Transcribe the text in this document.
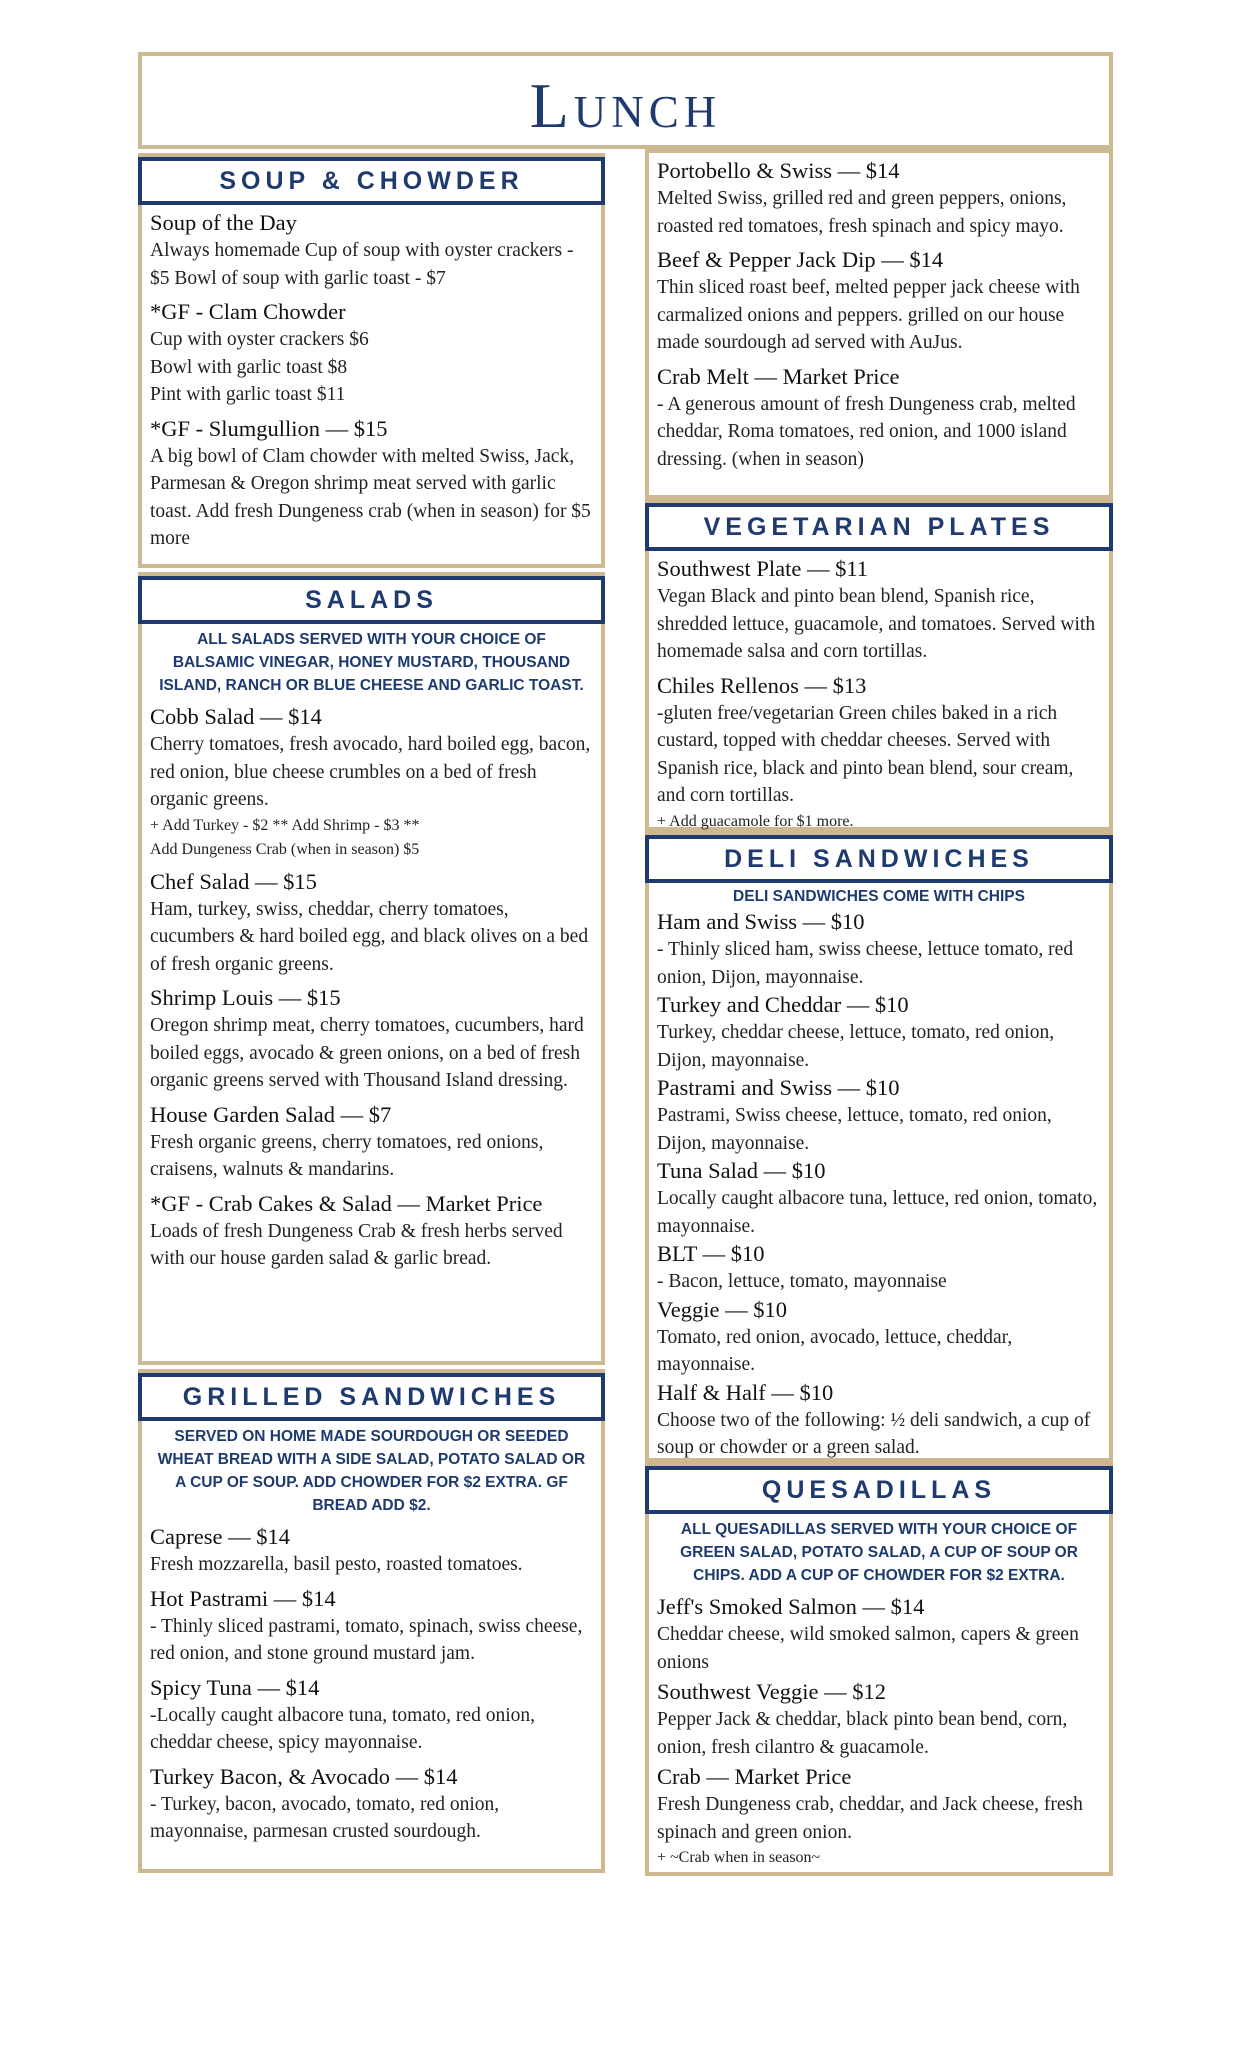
Lunch
SOUP & CHOWDER
Soup of the Day
Always homemade Cup of soup with oyster crackers - $5 Bowl of soup with garlic toast - $7
*GF - Clam Chowder
Cup with oyster crackers $6
Bowl with garlic toast $8
Pint with garlic toast $11
*GF - Slumgullion — $15
A big bowl of Clam chowder with melted Swiss, Jack, Parmesan & Oregon shrimp meat served with garlic toast. Add fresh Dungeness crab (when in season) for $5 more
SALADS
ALL SALADS SERVED WITH YOUR CHOICE OF BALSAMIC VINEGAR, HONEY MUSTARD, THOUSAND ISLAND, RANCH OR BLUE CHEESE AND GARLIC TOAST.
Cobb Salad — $14
Cherry tomatoes, fresh avocado, hard boiled egg, bacon, red onion, blue cheese crumbles on a bed of fresh organic greens.
+ Add Turkey - $2 ** Add Shrimp - $3 **
Add Dungeness Crab (when in season) $5
Chef Salad — $15
Ham, turkey, swiss, cheddar, cherry tomatoes, cucumbers & hard boiled egg, and black olives on a bed of fresh organic greens.
Shrimp Louis — $15
Oregon shrimp meat, cherry tomatoes, cucumbers, hard boiled eggs, avocado & green onions, on a bed of fresh organic greens served with Thousand Island dressing.
House Garden Salad — $7
Fresh organic greens, cherry tomatoes, red onions, craisens, walnuts & mandarins.
*GF - Crab Cakes & Salad — Market Price
Loads of fresh Dungeness Crab & fresh herbs served with our house garden salad & garlic bread.
GRILLED SANDWICHES
SERVED ON HOME MADE SOURDOUGH OR SEEDED WHEAT BREAD WITH A SIDE SALAD, POTATO SALAD OR A CUP OF SOUP. ADD CHOWDER FOR $2 EXTRA. GF BREAD ADD $2.
Caprese — $14
Fresh mozzarella, basil pesto, roasted tomatoes.
Hot Pastrami — $14
- Thinly sliced pastrami, tomato, spinach, swiss cheese, red onion, and stone ground mustard jam.
Spicy Tuna — $14
-Locally caught albacore tuna, tomato, red onion, cheddar cheese, spicy mayonnaise.
Turkey Bacon, & Avocado — $14
- Turkey, bacon, avocado, tomato, red onion, mayonnaise, parmesan crusted sourdough.
Portobello & Swiss — $14
Melted Swiss, grilled red and green peppers, onions, roasted red tomatoes, fresh spinach and spicy mayo.
Beef & Pepper Jack Dip — $14
Thin sliced roast beef, melted pepper jack cheese with carmalized onions and peppers. grilled on our house made sourdough ad served with AuJus.
Crab Melt — Market Price
- A generous amount of fresh Dungeness crab, melted cheddar, Roma tomatoes, red onion, and 1000 island dressing. (when in season)
VEGETARIAN PLATES
Southwest Plate — $11
Vegan Black and pinto bean blend, Spanish rice, shredded lettuce, guacamole, and tomatoes. Served with homemade salsa and corn tortillas.
Chiles Rellenos — $13
-gluten free/vegetarian Green chiles baked in a rich custard, topped with cheddar cheeses. Served with Spanish rice, black and pinto bean blend, sour cream, and corn tortillas.
+ Add guacamole for $1 more.
DELI SANDWICHES
DELI SANDWICHES COME WITH CHIPS
Ham and Swiss — $10
- Thinly sliced ham, swiss cheese, lettuce tomato, red onion, Dijon, mayonnaise.
Turkey and Cheddar — $10
Turkey, cheddar cheese, lettuce, tomato, red onion, Dijon, mayonnaise.
Pastrami and Swiss — $10
Pastrami, Swiss cheese, lettuce, tomato, red onion, Dijon, mayonnaise.
Tuna Salad — $10
Locally caught albacore tuna, lettuce, red onion, tomato, mayonnaise.
BLT — $10
- Bacon, lettuce, tomato, mayonnaise
Veggie — $10
Tomato, red onion, avocado, lettuce, cheddar, mayonnaise.
Half & Half — $10
Choose two of the following: ½ deli sandwich, a cup of soup or chowder or a green salad.
QUESADILLAS
ALL QUESADILLAS SERVED WITH YOUR CHOICE OF GREEN SALAD, POTATO SALAD, A CUP OF SOUP OR CHIPS. ADD A CUP OF CHOWDER FOR $2 EXTRA.
Jeff's Smoked Salmon — $14
Cheddar cheese, wild smoked salmon, capers & green onions
Southwest Veggie — $12
Pepper Jack & cheddar, black pinto bean bend, corn, onion, fresh cilantro & guacamole.
Crab — Market Price
Fresh Dungeness crab, cheddar, and Jack cheese, fresh spinach and green onion.
+ ~Crab when in season~
